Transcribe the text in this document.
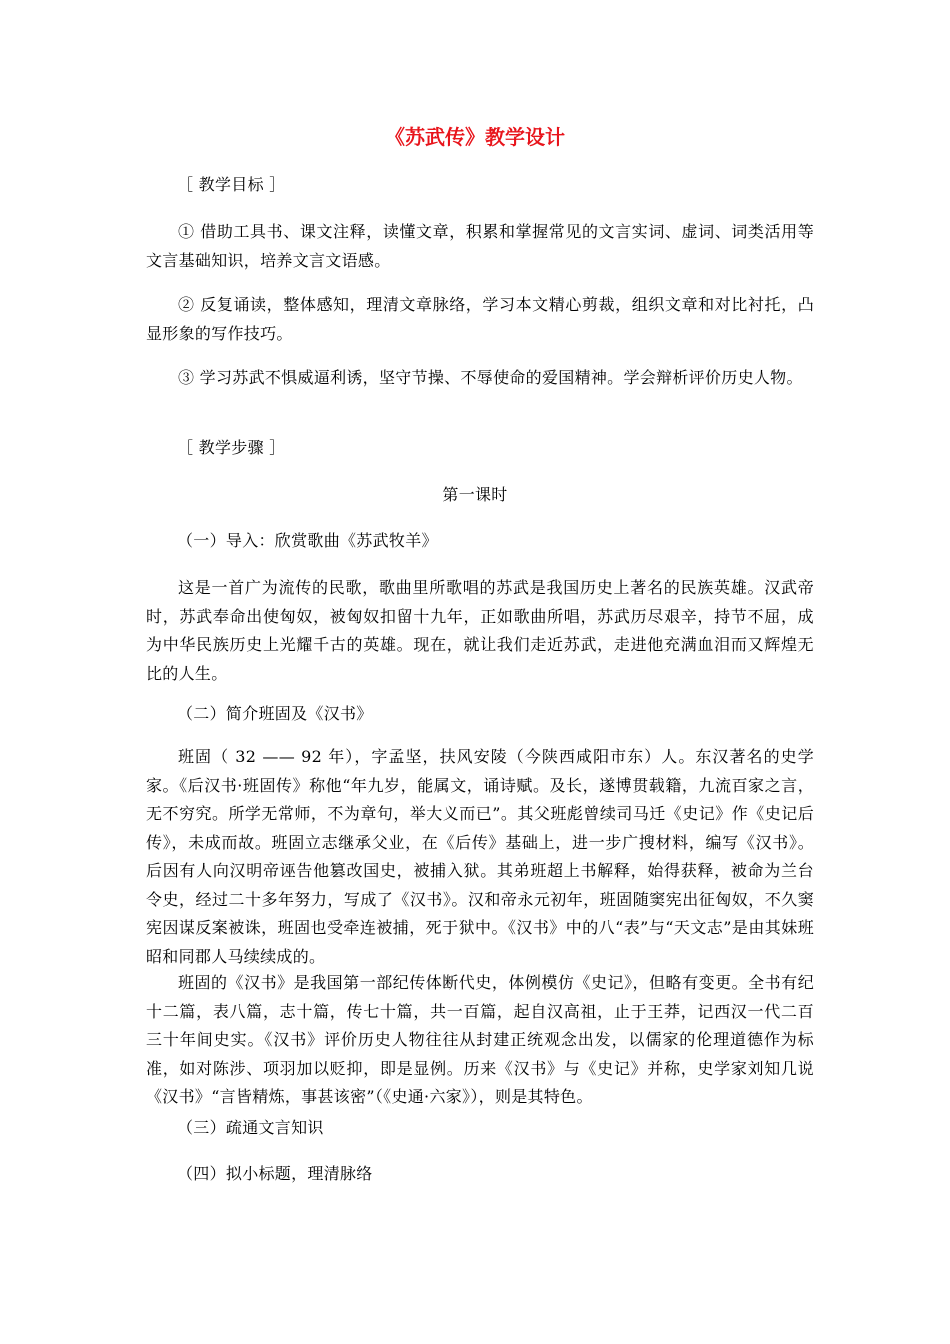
《苏武传》教学设计
［ 教学目标 ］
① 借助工具书、课文注释，读懂文章，积累和掌握常见的文言实词、虚词、词类活用等文言基础知识，培养文言文语感。
② 反复诵读，整体感知，理清文章脉络，学习本文精心剪裁，组织文章和对比衬托，凸显形象的写作技巧。
③ 学习苏武不惧威逼利诱，坚守节操、不辱使命的爱国精神。学会辩析评价历史人物。
［ 教学步骤 ］
第一课时
（一）导入：欣赏歌曲《苏武牧羊》
这是一首广为流传的民歌，歌曲里所歌唱的苏武是我国历史上著名的民族英雄。汉武帝时，苏武奉命出使匈奴，被匈奴扣留十九年，正如歌曲所唱，苏武历尽艰辛，持节不屈，成为中华民族历史上光耀千古的英雄。现在，就让我们走近苏武，走进他充满血泪而又辉煌无比的人生。
（二）简介班固及《汉书》
班固（ 32 —— 92 年），字孟坚，扶风安陵（今陕西咸阳市东）人。东汉著名的史学家。《后汉书·班固传》称他“年九岁，能属文，诵诗赋。及长，遂博贯载籍，九流百家之言，无不穷究。所学无常师，不为章句，举大义而已”。其父班彪曾续司马迁《史记》作《史记后传》，未成而故。班固立志继承父业，在《后传》基础上，进一步广搜材料，编写《汉书》。后因有人向汉明帝诬告他篡改国史，被捕入狱。其弟班超上书解释，始得获释，被命为兰台令史，经过二十多年努力，写成了《汉书》。汉和帝永元初年，班固随窦宪出征匈奴，不久窦宪因谋反案被诛，班固也受牵连被捕，死于狱中。《汉书》中的八“表”与“天文志”是由其妹班昭和同郡人马续续成的。
班固的《汉书》是我国第一部纪传体断代史，体例模仿《史记》，但略有变更。全书有纪十二篇，表八篇，志十篇，传七十篇，共一百篇，起自汉高祖，止于王莽，记西汉一代二百三十年间史实。《汉书》评价历史人物往往从封建正统观念出发，以儒家的伦理道德作为标准，如对陈涉、项羽加以贬抑，即是显例。历来《汉书》与《史记》并称，史学家刘知几说《汉书》“言皆精炼，事甚该密”（《史通·六家》），则是其特色。
（三）疏通文言知识
（四）拟小标题，理清脉络
